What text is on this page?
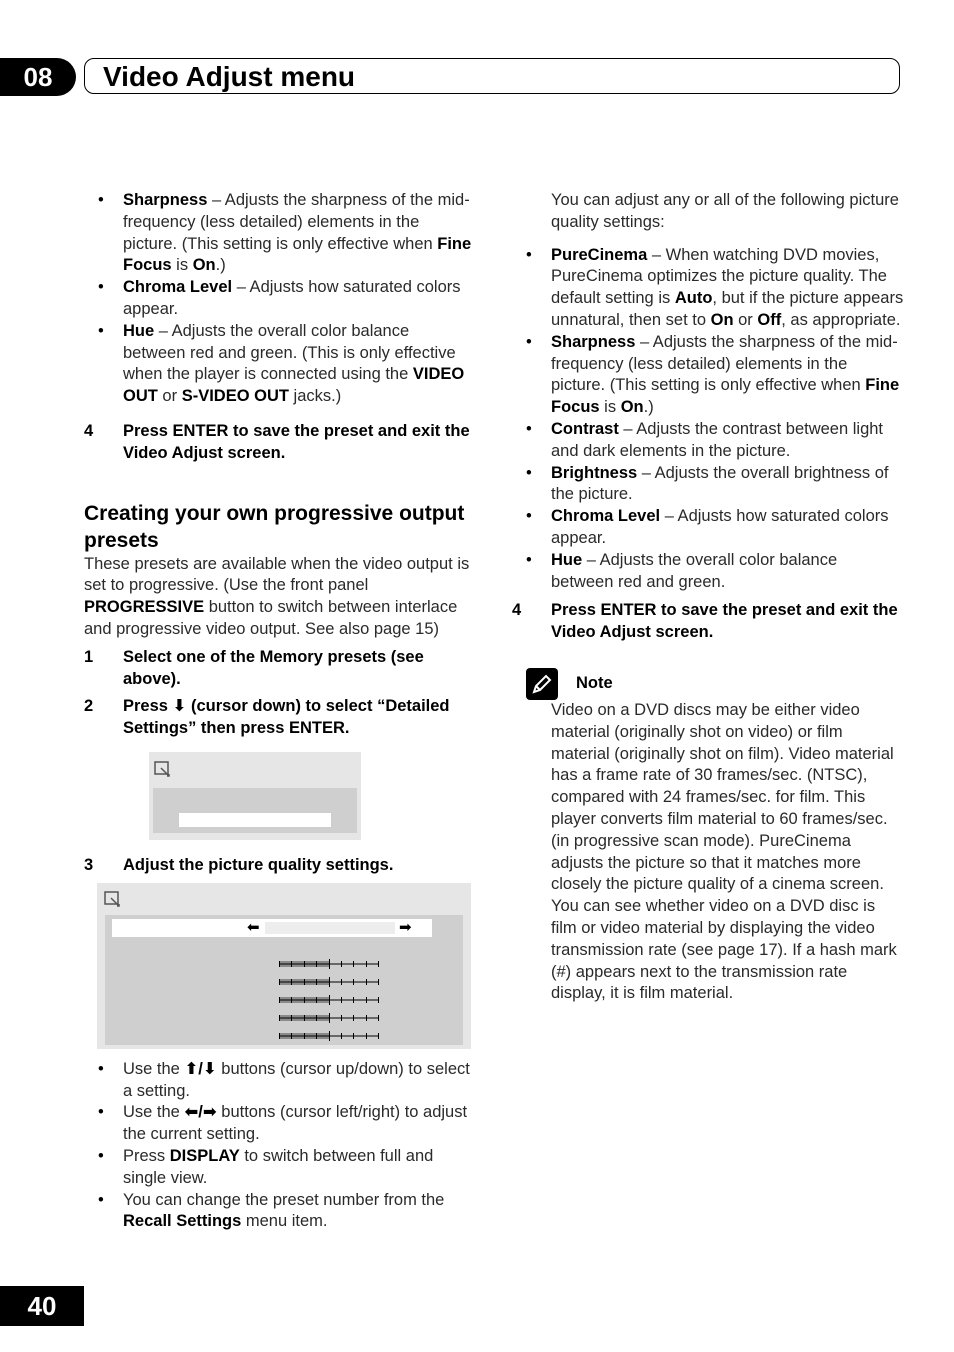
08	Video Adjust menu
• Sharpness – Adjusts the sharpness of the mid-frequency (less detailed) elements in the picture. (This setting is only effective when Fine Focus is On.)
• Chroma Level – Adjusts how saturated colors appear.
• Hue – Adjusts the overall color balance between red and green. (This is only effective when the player is connected using the VIDEO OUT or S-VIDEO OUT jacks.)
4	Press ENTER to save the preset and exit the Video Adjust screen.
Creating your own progressive output presets
These presets are available when the video output is set to progressive. (Use the front panel PROGRESSIVE button to switch between interlace and progressive video output. See also page 15)
1	Select one of the Memory presets (see above).
2	Press ⬇ (cursor down) to select “Detailed Settings” then press ENTER.
3	Adjust the picture quality settings.
⬅	➡
• Use the ⬆/⬇ buttons (cursor up/down) to select a setting.
• Use the ⬅/➡ buttons (cursor left/right) to adjust the current setting.
• Press DISPLAY to switch between full and single view.
• You can change the preset number from the Recall Settings menu item.
You can adjust any or all of the following picture quality settings:
• PureCinema – When watching DVD movies, PureCinema optimizes the picture quality. The default setting is Auto, but if the picture appears unnatural, then set to On or Off, as appropriate.
• Sharpness – Adjusts the sharpness of the mid-frequency (less detailed) elements in the picture. (This setting is only effective when Fine Focus is On.)
• Contrast – Adjusts the contrast between light and dark elements in the picture.
• Brightness – Adjusts the overall brightness of the picture.
• Chroma Level – Adjusts how saturated colors appear.
• Hue – Adjusts the overall color balance between red and green.
4	Press ENTER to save the preset and exit the Video Adjust screen.
Note
Video on a DVD discs may be either video material (originally shot on video) or film material (originally shot on film). Video material has a frame rate of 30 frames/sec. (NTSC), compared with 24 frames/sec. for film. This player converts film material to 60 frames/sec. (in progressive scan mode). PureCinema adjusts the picture so that it matches more closely the picture quality of a cinema screen.
You can see whether video on a DVD disc is film or video material by displaying the video transmission rate (see page 17). If a hash mark (#) appears next to the transmission rate display, it is film material.
40
